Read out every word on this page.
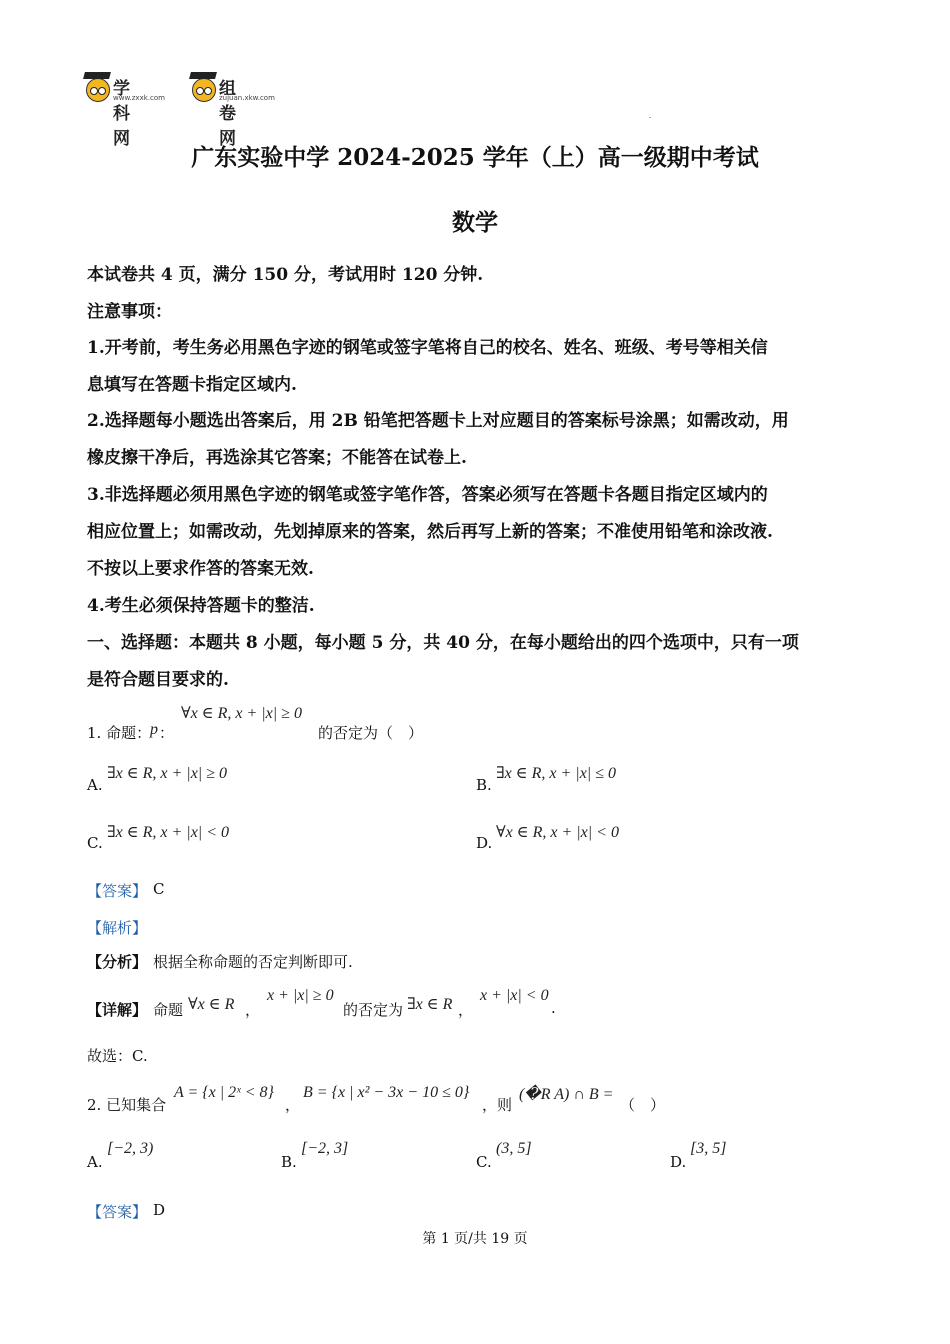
学科网
www.zxxk.com	组卷网
zujuan.xkw.com
广东实验中学 2024-2025 学年（上）高一级期中考试
数学
本试卷共 4 页，满分 150 分，考试用时 120 分钟.
注意事项：
1.开考前，考生务必用黑色字迹的钢笔或签字笔将自己的校名、姓名、班级、考号等相关信
息填写在答题卡指定区域内.
2.选择题每小题选出答案后，用 2B 铅笔把答题卡上对应题目的答案标号涂黑；如需改动，用
橡皮擦干净后，再选涂其它答案；不能答在试卷上.
3.非选择题必须用黑色字迹的钢笔或签字笔作答，答案必须写在答题卡各题目指定区域内的
相应位置上；如需改动，先划掉原来的答案，然后再写上新的答案；不准使用铅笔和涂改液.
不按以上要求作答的答案无效.
4.考生必须保持答题卡的整洁.
一、选择题：本题共 8 小题，每小题 5 分，共 40 分，在每小题给出的四个选项中，只有一项
是符合题目要求的.
1. 命题：
p ：
∀x ∈ R, x + |x| ≥ 0
的否定为（　）
A.
∃x ∈ R, x + |x| ≥ 0
B.
∃x ∈ R, x + |x| ≤ 0
C.
∃x ∈ R, x + |x| < 0
D.
∀x ∈ R, x + |x| < 0
【答案】 C
【解析】
【分析】 根据全称命题的否定判断即可.
【详解】 命题 ∀x ∈ R ，
x + |x| ≥ 0
的否定为 ∃x ∈ R ，
x + |x| < 0
.
故选：C.
2. 已知集合
A = {x | 2ˣ < 8}
，
B = {x | x² − 3x − 10 ≤ 0}
，则
(�R A) ∩ B =
（　）
A.
[−2, 3)
B.
[−2, 3]
C.
(3, 5]
D.
[3, 5]
【答案】 D
第 1 页/共 19 页
